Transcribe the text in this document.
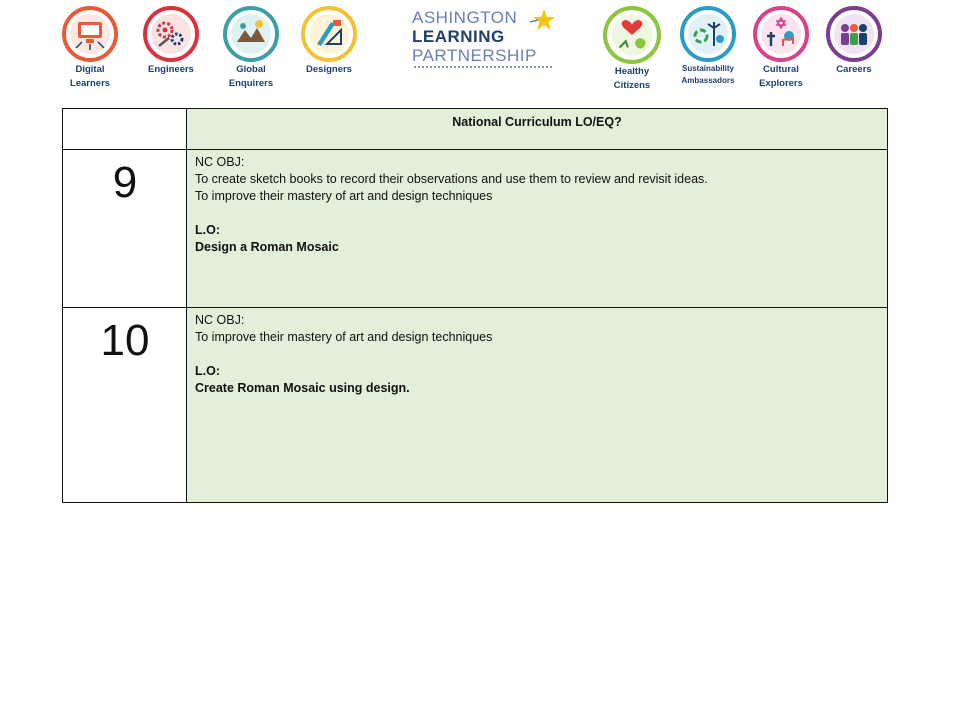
Digital
Learners
Engineers	Global
Enquirers
Designers
ASHINGTON
LEARNING
PARTNERSHIP
Healthy
Citizens
Sustainability
Ambassadors
Cultural
Explorers
Careers
National Curriculum LO/EQ?
9	NC OBJ:
To create sketch books to record their observations and use them to review and revisit ideas.
To improve their mastery of art and design techniques
L.O:
Design a Roman Mosaic
10	NC OBJ:
To improve their mastery of art and design techniques
L.O:
Create Roman Mosaic using design.
